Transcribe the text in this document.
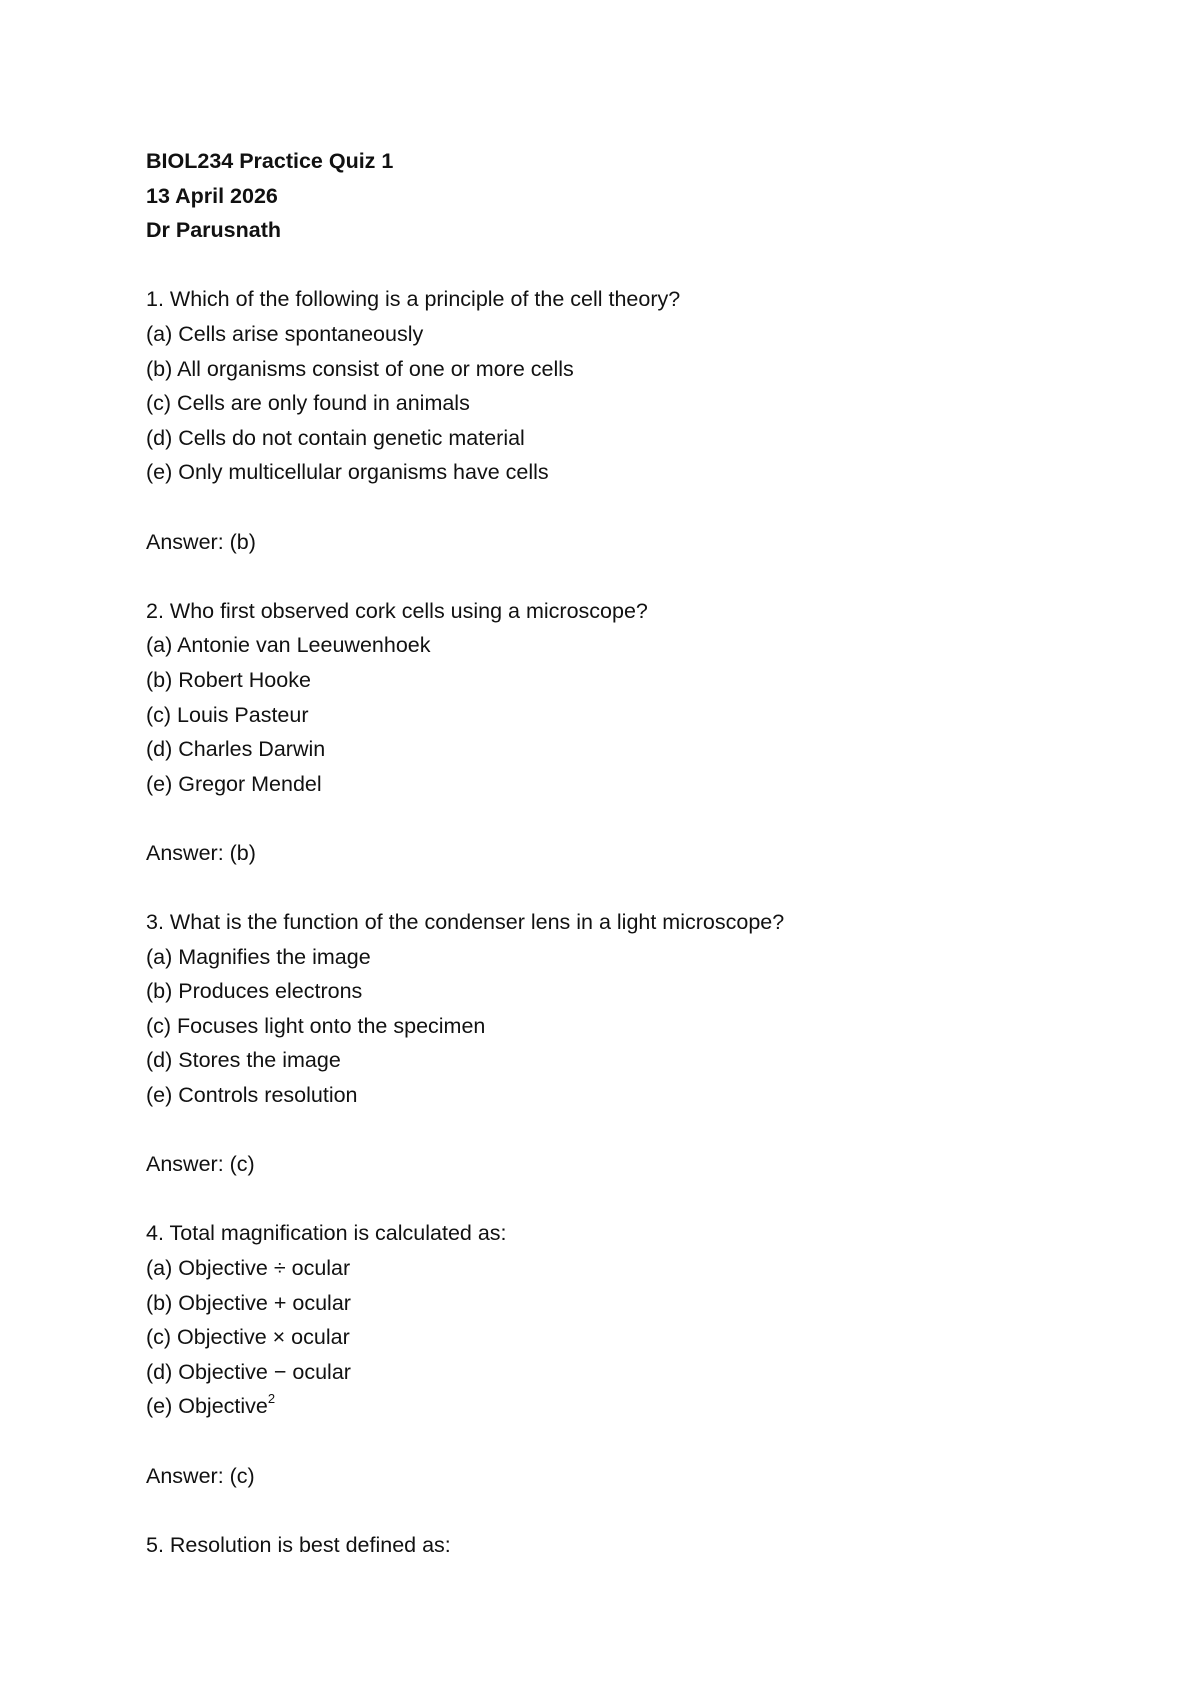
BIOL234 Practice Quiz 1
13 April 2026
Dr Parusnath
1. Which of the following is a principle of the cell theory?
(a) Cells arise spontaneously
(b) All organisms consist of one or more cells
(c) Cells are only found in animals
(d) Cells do not contain genetic material
(e) Only multicellular organisms have cells
Answer: (b)
2. Who first observed cork cells using a microscope?
(a) Antonie van Leeuwenhoek
(b) Robert Hooke
(c) Louis Pasteur
(d) Charles Darwin
(e) Gregor Mendel
Answer: (b)
3. What is the function of the condenser lens in a light microscope?
(a) Magnifies the image
(b) Produces electrons
(c) Focuses light onto the specimen
(d) Stores the image
(e) Controls resolution
Answer: (c)
4. Total magnification is calculated as:
(a) Objective ÷ ocular
(b) Objective + ocular
(c) Objective × ocular
(d) Objective − ocular
(e) Objective$^2$
Answer: (c)
5. Resolution is best defined as:
